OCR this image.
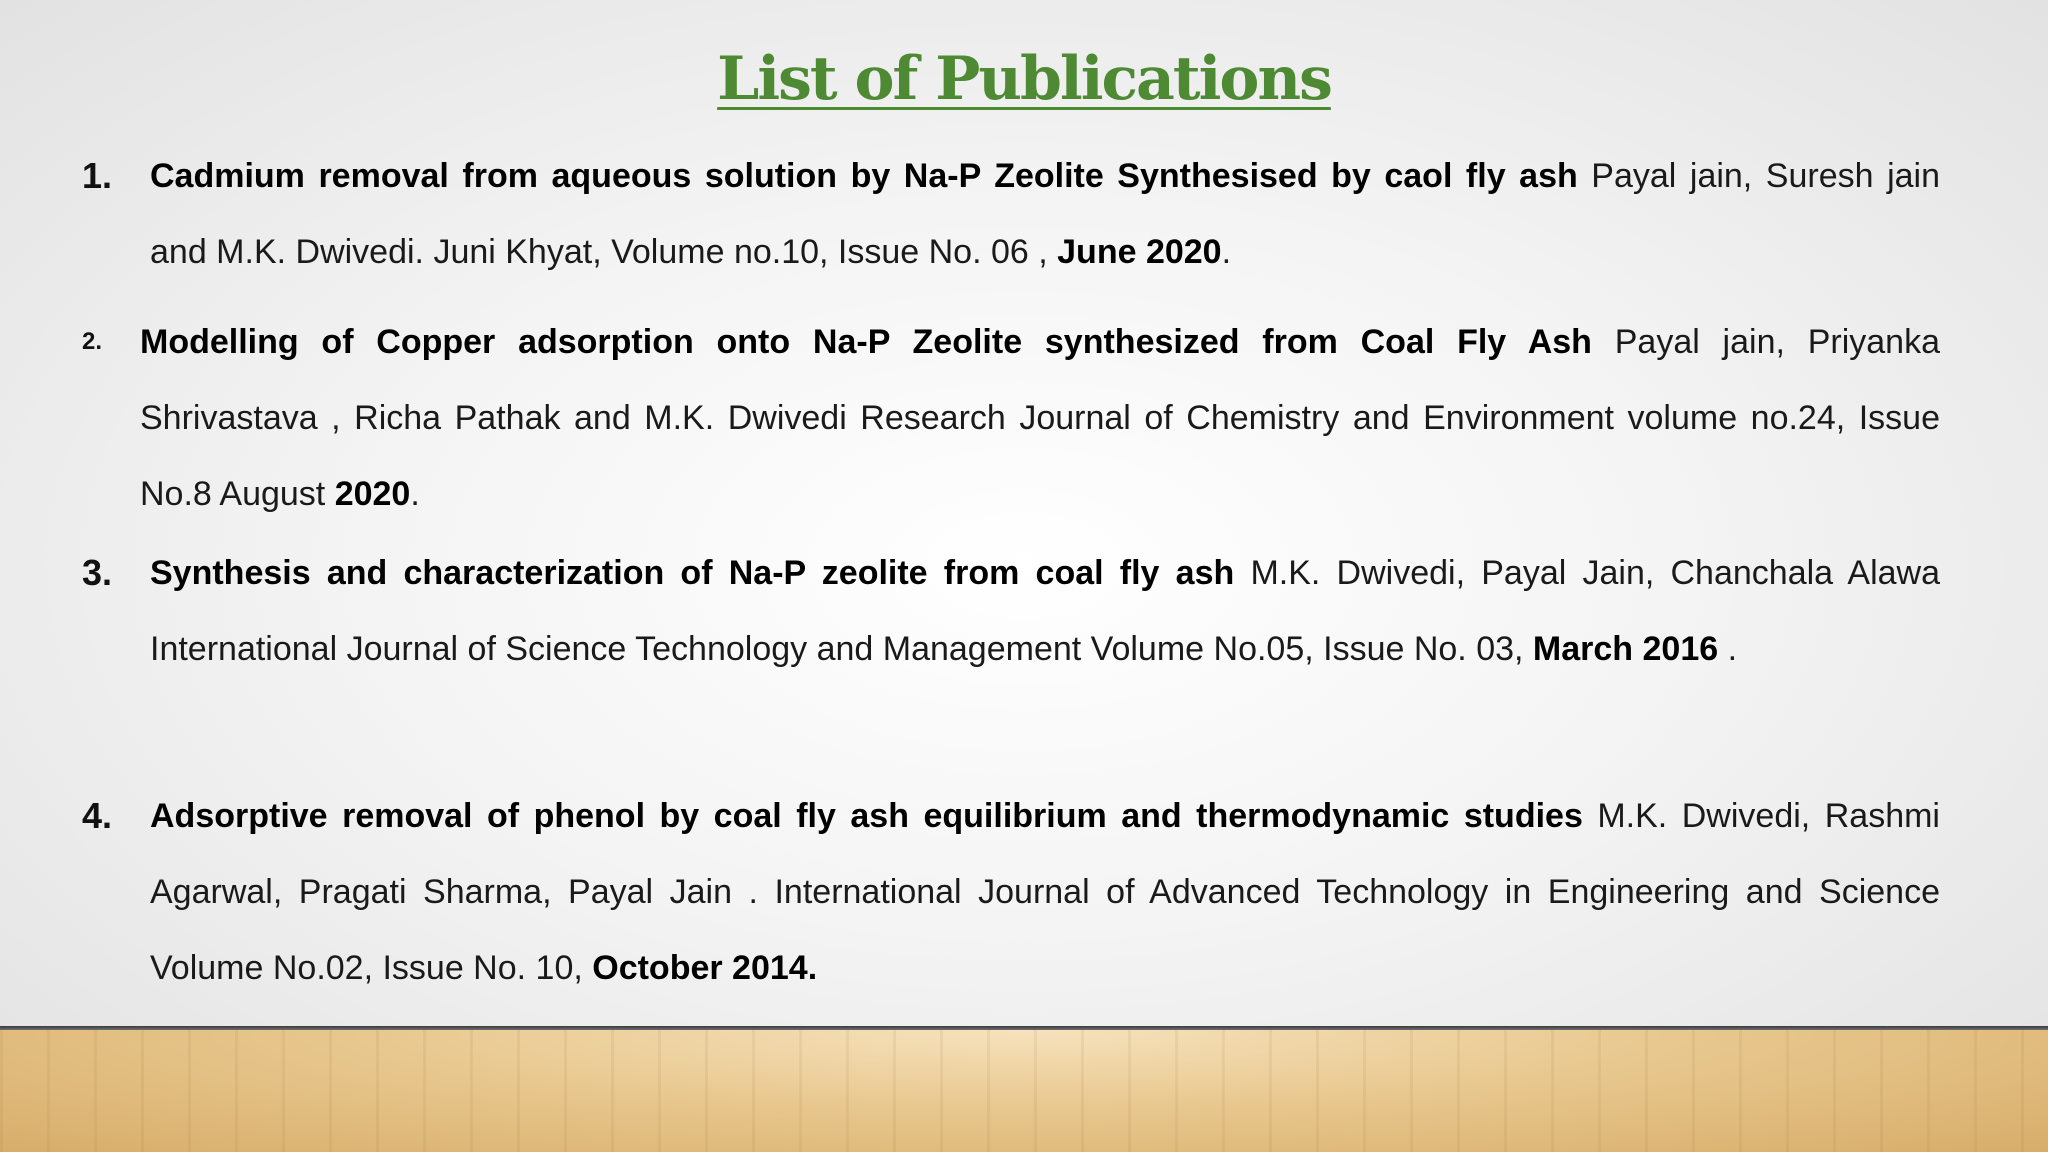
List of Publications
1. Cadmium removal from aqueous solution by Na-P Zeolite Synthesised by caol fly ash Payal jain, Suresh jain and M.K. Dwivedi. Juni Khyat, Volume no.10, Issue No. 06 , June 2020.
2. Modelling of Copper adsorption onto Na-P Zeolite synthesized from Coal Fly Ash Payal jain, Priyanka Shrivastava , Richa Pathak and M.K. Dwivedi Research Journal of Chemistry and Environment volume no.24, Issue No.8 August 2020.
3. Synthesis and characterization of Na-P zeolite from coal fly ash M.K. Dwivedi, Payal Jain, Chanchala Alawa International Journal of Science Technology and Management Volume No.05, Issue No. 03, March 2016 .
4. Adsorptive removal of phenol by coal fly ash equilibrium and thermodynamic studies M.K. Dwivedi, Rashmi Agarwal, Pragati Sharma, Payal Jain . International Journal of Advanced Technology in Engineering and Science Volume No.02, Issue No. 10, October 2014.
